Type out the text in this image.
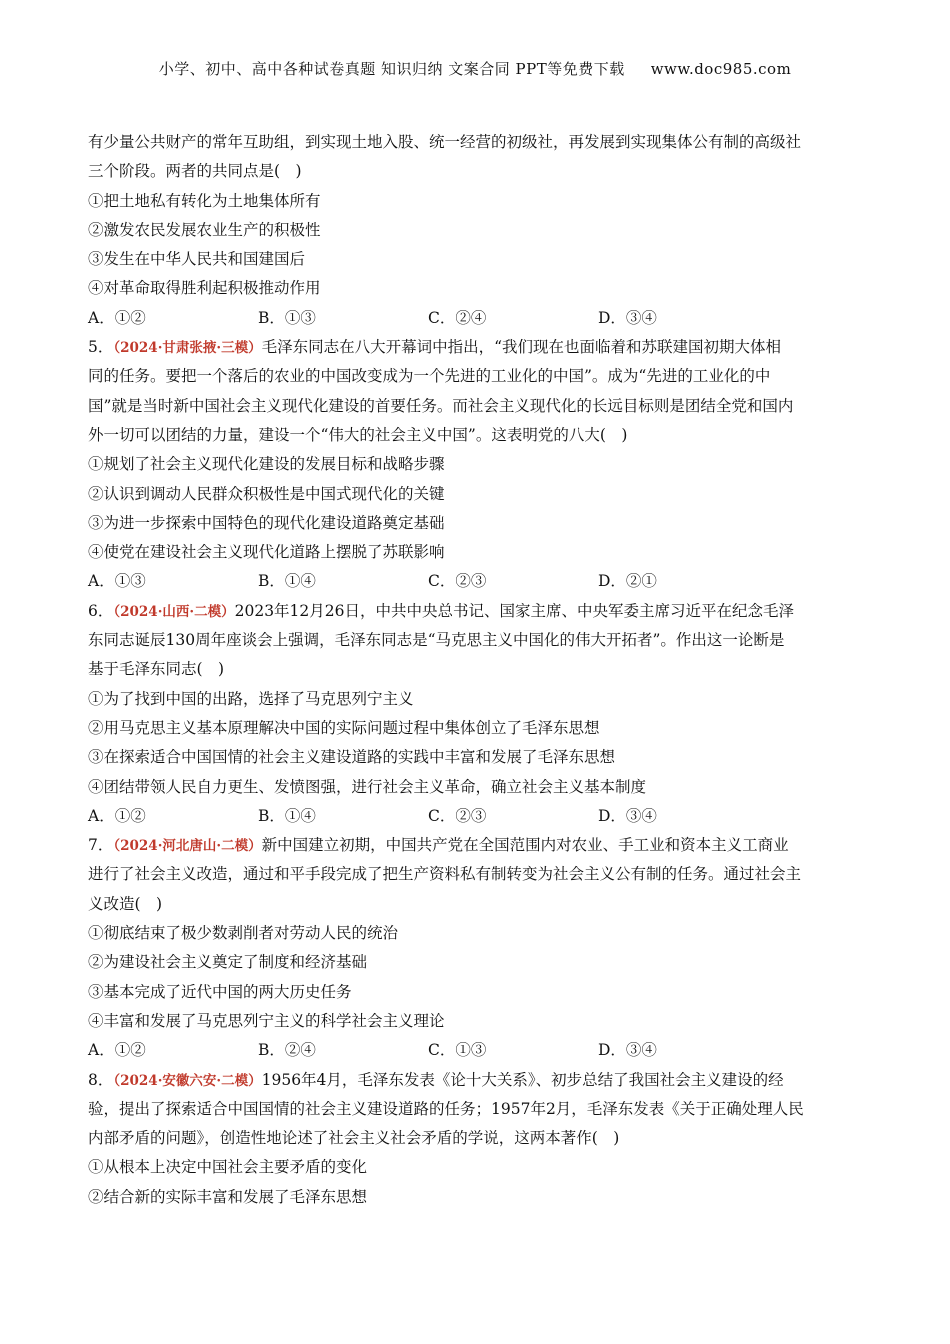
小学、初中、高中各种试卷真题 知识归纳 文案合同 PPT等免费下载 www.doc985.com
有少量公共财产的常年互助组，到实现土地入股、统一经营的初级社，再发展到实现集体公有制的高级社
三个阶段。两者的共同点是(　)
①把土地私有转化为土地集体所有
②激发农民发展农业生产的积极性
③发生在中华人民共和国建国后
④对革命取得胜利起积极推动作用
A．①②	B．①③	C．②④	D．③④
5．（2024·甘肃张掖·三模）毛泽东同志在八大开幕词中指出，“我们现在也面临着和苏联建国初期大体相
同的任务。要把一个落后的农业的中国改变成为一个先进的工业化的中国”。成为“先进的工业化的中
国”就是当时新中国社会主义现代化建设的首要任务。而社会主义现代化的长远目标则是团结全党和国内
外一切可以团结的力量，建设一个“伟大的社会主义中国”。这表明党的八大(　)
①规划了社会主义现代化建设的发展目标和战略步骤
②认识到调动人民群众积极性是中国式现代化的关键
③为进一步探索中国特色的现代化建设道路奠定基础
④使党在建设社会主义现代化道路上摆脱了苏联影响
A．①③	B．①④	C．②③	D．②①
6．（2024·山西·二模）2023年12月26日，中共中央总书记、国家主席、中央军委主席习近平在纪念毛泽
东同志诞辰130周年座谈会上强调，毛泽东同志是“马克思主义中国化的伟大开拓者”。作出这一论断是
基于毛泽东同志(　)
①为了找到中国的出路，选择了马克思列宁主义
②用马克思主义基本原理解决中国的实际问题过程中集体创立了毛泽东思想
③在探索适合中国国情的社会主义建设道路的实践中丰富和发展了毛泽东思想
④团结带领人民自力更生、发愤图强，进行社会主义革命，确立社会主义基本制度
A．①②	B．①④	C．②③	D．③④
7．（2024·河北唐山·二模）新中国建立初期，中国共产党在全国范围内对农业、手工业和资本主义工商业
进行了社会主义改造，通过和平手段完成了把生产资料私有制转变为社会主义公有制的任务。通过社会主
义改造(　)
①彻底结束了极少数剥削者对劳动人民的统治
②为建设社会主义奠定了制度和经济基础
③基本完成了近代中国的两大历史任务
④丰富和发展了马克思列宁主义的科学社会主义理论
A．①②	B．②④	C．①③	D．③④
8．（2024·安徽六安·二模）1956年4月，毛泽东发表《论十大关系》、初步总结了我国社会主义建设的经
验，提出了探索适合中国国情的社会主义建设道路的任务；1957年2月，毛泽东发表《关于正确处理人民
内部矛盾的问题》，创造性地论述了社会主义社会矛盾的学说，这两本著作(　)
①从根本上决定中国社会主要矛盾的变化
②结合新的实际丰富和发展了毛泽东思想
